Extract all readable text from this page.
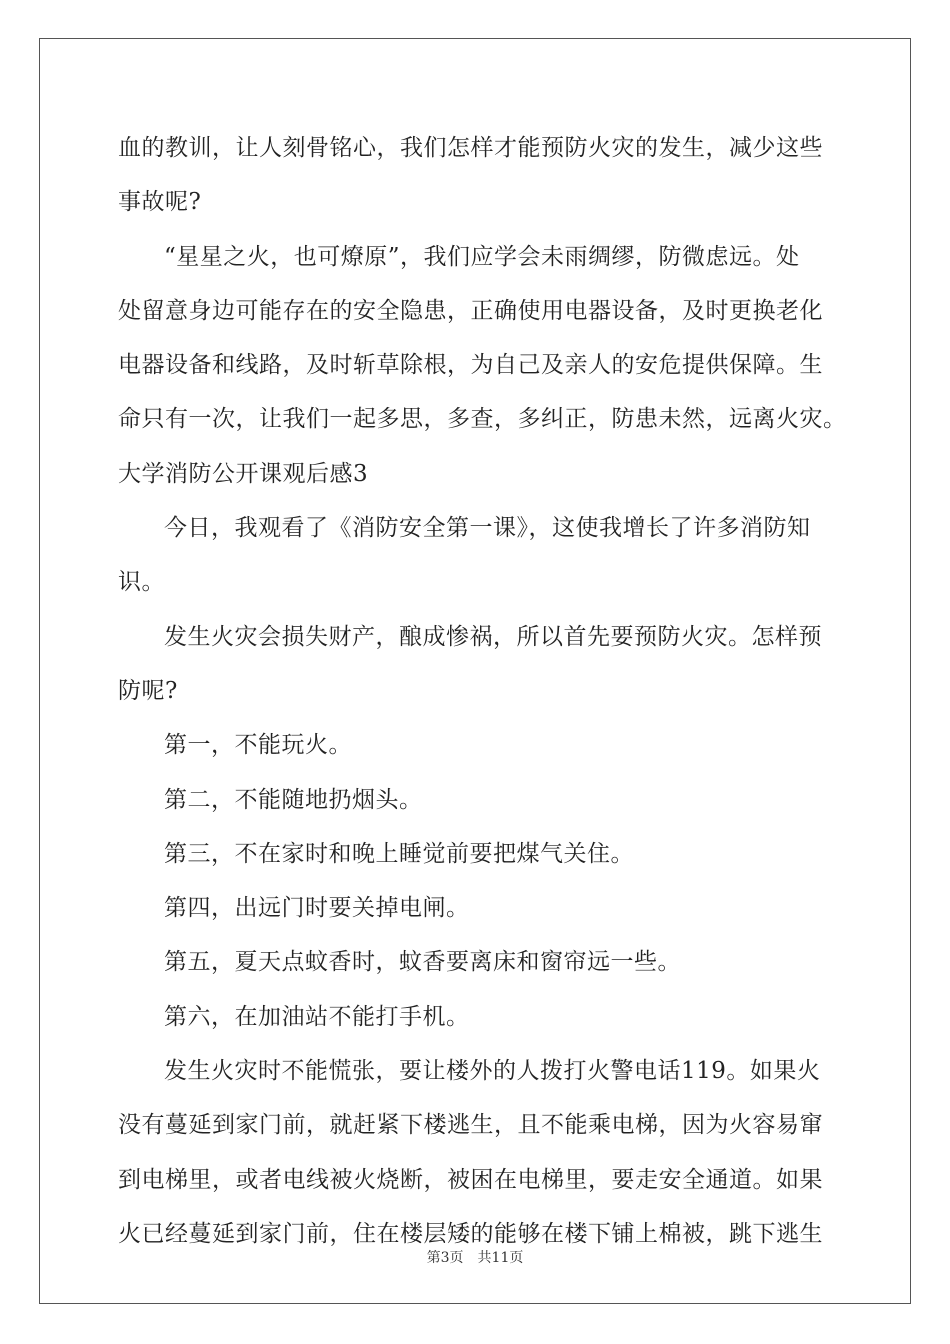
血的教训，让人刻骨铭心，我们怎样才能预防火灾的发生，减少这些
事故呢?
“星星之火，也可燎原”，我们应学会未雨绸缪，防微虑远。处
处留意身边可能存在的安全隐患，正确使用电器设备，及时更换老化
电器设备和线路，及时斩草除根，为自己及亲人的安危提供保障。生
命只有一次，让我们一起多思，多查，多纠正，防患未然，远离火灾。
大学消防公开课观后感3
今日，我观看了《消防安全第一课》，这使我增长了许多消防知
识。
发生火灾会损失财产，酿成惨祸，所以首先要预防火灾。怎样预
防呢?
第一，不能玩火。
第二，不能随地扔烟头。
第三，不在家时和晚上睡觉前要把煤气关住。
第四，出远门时要关掉电闸。
第五，夏天点蚊香时，蚊香要离床和窗帘远一些。
第六，在加油站不能打手机。
发生火灾时不能慌张，要让楼外的人拨打火警电话119。如果火
没有蔓延到家门前，就赶紧下楼逃生，且不能乘电梯，因为火容易窜
到电梯里，或者电线被火烧断，被困在电梯里，要走安全通道。如果
火已经蔓延到家门前，住在楼层矮的能够在楼下铺上棉被，跳下逃生
第3页 共11页
